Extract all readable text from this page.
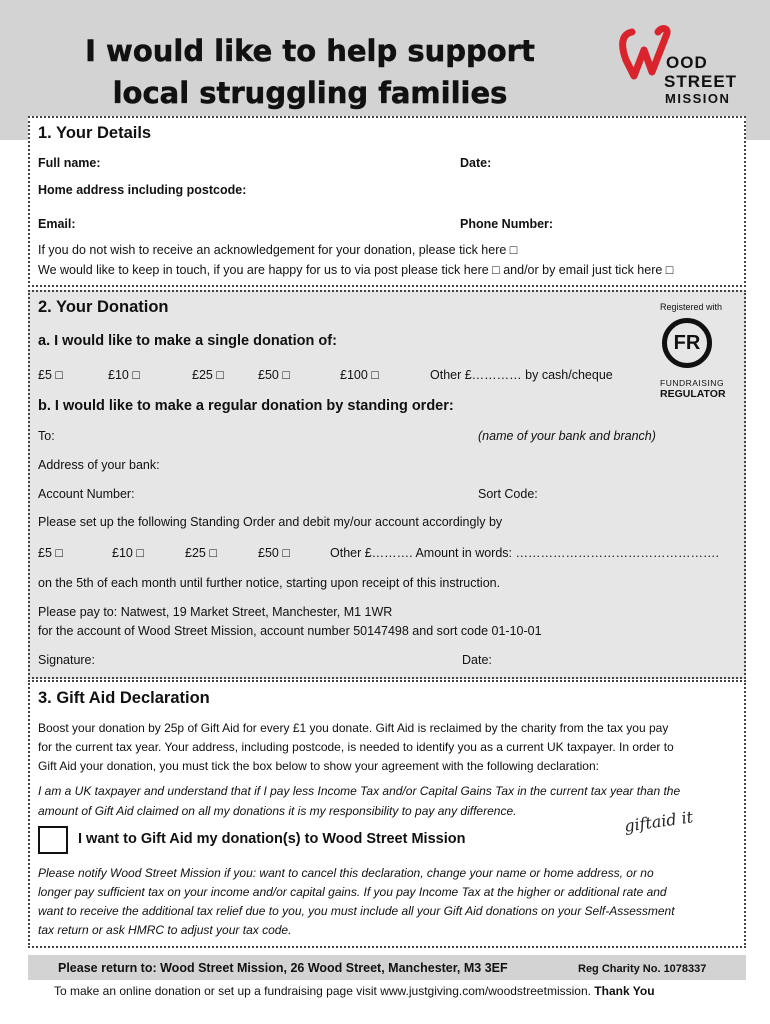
I would like to help support
local struggling families
OOD
STREET
MISSION
1. Your Details
Full name:	Date:
Home address including postcode:
Email:	Phone Number:
If you do not wish to receive an acknowledgement for your donation, please tick here □
We would like to keep in touch, if you are happy for us to via post please tick here □ and/or by email just tick here □
2. Your Donation	Registered with
FR
FUNDRAISING
REGULATOR
a. I would like to make a single donation of:
£5 □	£10 □	£25 □	£50 □	£100 □	Other £………… by cash/cheque
b. I would like to make a regular donation by standing order:
To:	(name of your bank and branch)
Address of your bank:
Account Number:	Sort Code:
Please set up the following Standing Order and debit my/our account accordingly by
£5 □	£10 □	£25 □	£50 □	Other £………. Amount in words: ………………………………………….
on the 5th of each month until further notice, starting upon receipt of this instruction.
Please pay to: Natwest, 19 Market Street, Manchester, M1 1WR
for the account of Wood Street Mission, account number 50147498 and sort code 01-10-01
Signature:	Date:
3. Gift Aid Declaration
Boost your donation by 25p of Gift Aid for every £1 you donate. Gift Aid is reclaimed by the charity from the tax you pay
for the current tax year. Your address, including postcode, is needed to identify you as a current UK taxpayer. In order to
Gift Aid your donation, you must tick the box below to show your agreement with the following declaration:
I am a UK taxpayer and understand that if I pay less Income Tax and/or Capital Gains Tax in the current tax year than the
amount of Gift Aid claimed on all my donations it is my responsibility to pay any difference.
I want to Gift Aid my donation(s) to Wood Street Mission
giftaid it
Please notify Wood Street Mission if you: want to cancel this declaration, change your name or home address, or no
longer pay sufficient tax on your income and/or capital gains. If you pay Income Tax at the higher or additional rate and
want to receive the additional tax relief due to you, you must include all your Gift Aid donations on your Self-Assessment
tax return or ask HMRC to adjust your tax code.
Please return to: Wood Street Mission, 26 Wood Street, Manchester, M3 3EF	Reg Charity No. 1078337
To make an online donation or set up a fundraising page visit www.justgiving.com/woodstreetmission. Thank You
